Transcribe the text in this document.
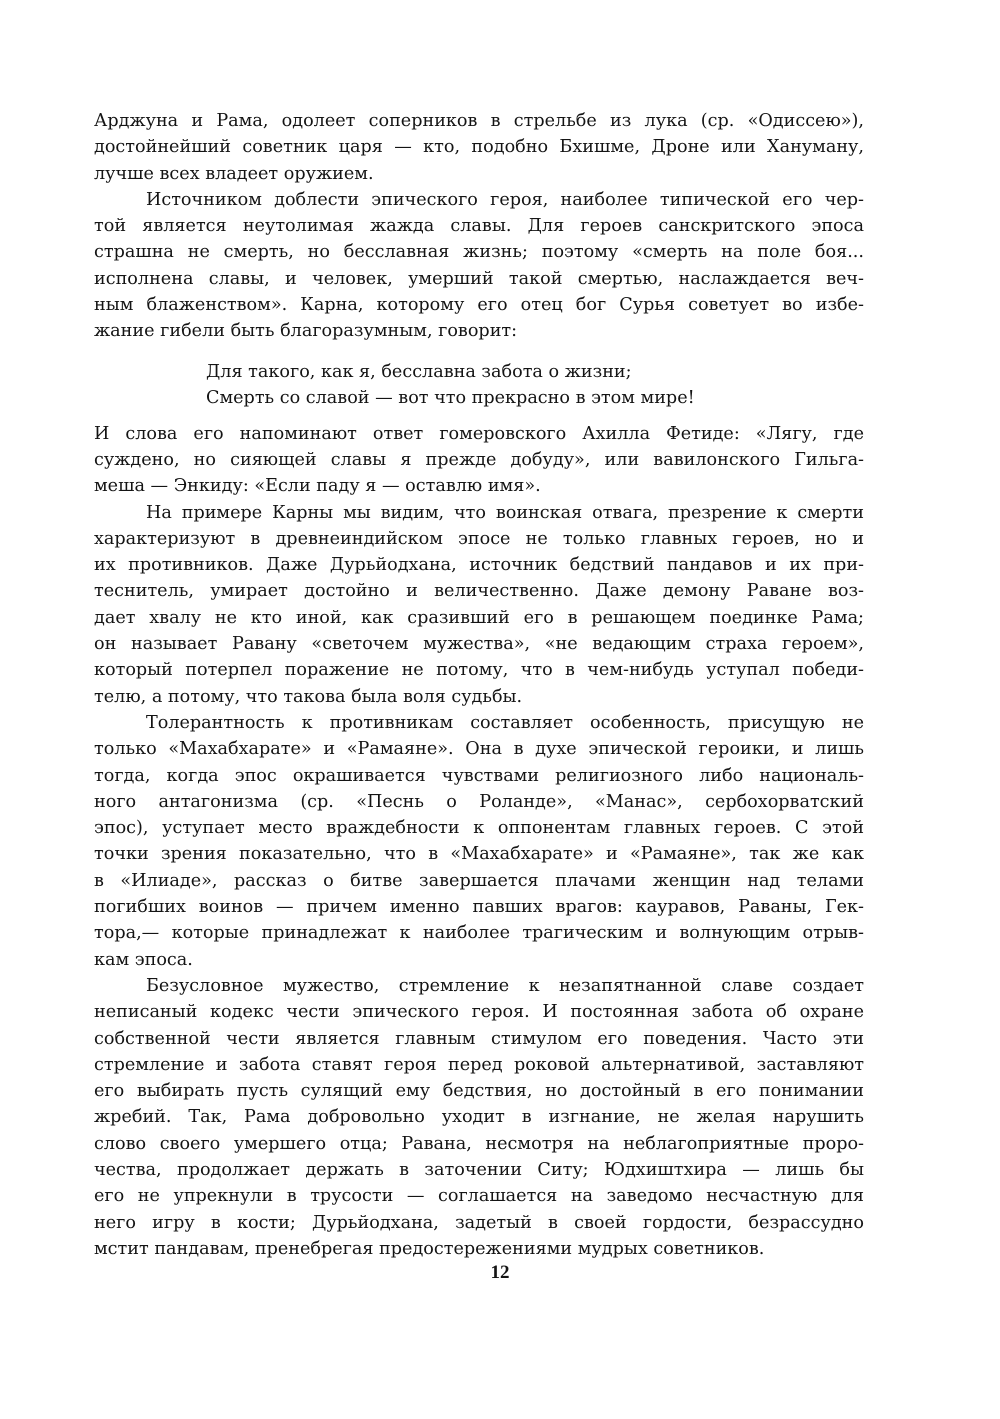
Арджуна и Рама, одолеет соперников в стрельбе из лука (ср. «Одиссею»),
достойнейший советник царя — кто, подобно Бхишме, Дроне или Хануману,
лучше всех владеет оружием.
Источником доблести эпического героя, наиболее типической его чер-
той является неутолимая жажда славы. Для героев санскритского эпоса
страшна не смерть, но бесславная жизнь; поэтому «смерть на поле боя...
исполнена славы, и человек, умерший такой смертью, наслаждается веч-
ным блаженством». Карна, которому его отец бог Сурья советует во избе-
жание гибели быть благоразумным, говорит:
Для такого, как я, бесславна забота о жизни;
Смерть со славой — вот что прекрасно в этом мире!
И слова его напоминают ответ гомеровского Ахилла Фетиде: «Лягу, где
суждено, но сияющей славы я прежде добуду», или вавилонского Гильга-
меша — Энкиду: «Если паду я — оставлю имя».
На примере Карны мы видим, что воинская отвага, презрение к смерти
характеризуют в древнеиндийском эпосе не только главных героев, но и
их противников. Даже Дурьйодхана, источник бедствий пандавов и их при-
теснитель, умирает достойно и величественно. Даже демону Раване воз-
дает хвалу не кто иной, как сразивший его в решающем поединке Рама;
он называет Равану «светочем мужества», «не ведающим страха героем»,
который потерпел поражение не потому, что в чем-нибудь уступал победи-
телю, а потому, что такова была воля судьбы.
Толерантность к противникам составляет особенность, присущую не
только «Махабхарате» и «Рамаяне». Она в духе эпической героики, и лишь
тогда, когда эпос окрашивается чувствами религиозного либо националь-
ного антагонизма (ср. «Песнь о Роланде», «Манас», сербохорватский
эпос), уступает место враждебности к оппонентам главных героев. С этой
точки зрения показательно, что в «Махабхарате» и «Рамаяне», так же как
в «Илиаде», рассказ о битве завершается плачами женщин над телами
погибших воинов — причем именно павших врагов: кауравов, Раваны, Гек-
тора,— которые принадлежат к наиболее трагическим и волнующим отрыв-
кам эпоса.
Безусловное мужество, стремление к незапятнанной славе создает
неписаный кодекс чести эпического героя. И постоянная забота об охране
собственной чести является главным стимулом его поведения. Часто эти
стремление и забота ставят героя перед роковой альтернативой, заставляют
его выбирать пусть сулящий ему бедствия, но достойный в его понимании
жребий. Так, Рама добровольно уходит в изгнание, не желая нарушить
слово своего умершего отца; Равана, несмотря на неблагоприятные проро-
чества, продолжает держать в заточении Ситу; Юдхиштхира — лишь бы
его не упрекнули в трусости — соглашается на заведомо несчастную для
него игру в кости; Дурьйодхана, задетый в своей гордости, безрассудно
мстит пандавам, пренебрегая предостережениями мудрых советников.
12
